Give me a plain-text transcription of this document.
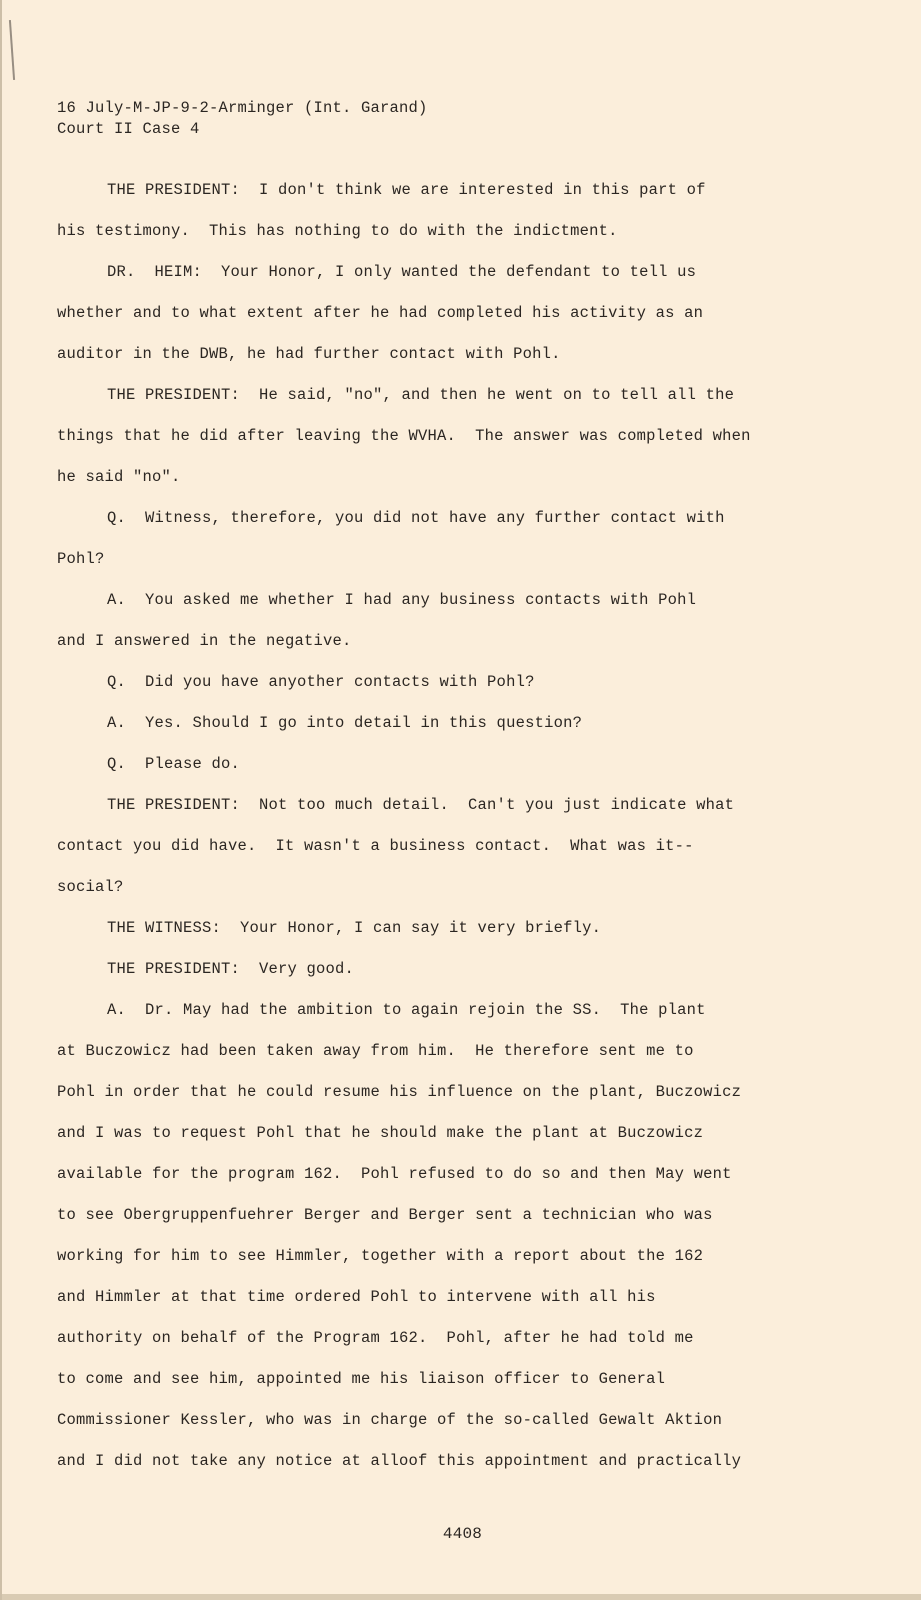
16 July-M-JP-9-2-Arminger (Int. Garand)
Court II Case 4

THE PRESIDENT:  I don't think we are interested in this part of

his testimony.  This has nothing to do with the indictment.

DR.  HEIM:  Your Honor, I only wanted the defendant to tell us

whether and to what extent after he had completed his activity as an

auditor in the DWB, he had further contact with Pohl.

THE PRESIDENT:  He said, "no", and then he went on to tell all the

things that he did after leaving the WVHA.  The answer was completed when

he said "no".

Q.  Witness, therefore, you did not have any further contact with

Pohl?

A.  You asked me whether I had any business contacts with Pohl

and I answered in the negative.

Q.  Did you have anyother contacts with Pohl?

A.  Yes. Should I go into detail in this question?

Q.  Please do.

THE PRESIDENT:  Not too much detail.  Can't you just indicate what

contact you did have.  It wasn't a business contact.  What was it--

social?

THE WITNESS:  Your Honor, I can say it very briefly.

THE PRESIDENT:  Very good.

A.  Dr. May had the ambition to again rejoin the SS.  The plant

at Buczowicz had been taken away from him.  He therefore sent me to

Pohl in order that he could resume his influence on the plant, Buczowicz

and I was to request Pohl that he should make the plant at Buczowicz

available for the program 162.  Pohl refused to do so and then May went

to see Obergruppenfuehrer Berger and Berger sent a technician who was

working for him to see Himmler, together with a report about the 162

and Himmler at that time ordered Pohl to intervene with all his

authority on behalf of the Program 162.  Pohl, after he had told me

to come and see him, appointed me his liaison officer to General

Commissioner Kessler, who was in charge of the so-called Gewalt Aktion

and I did not take any notice at alloof this appointment and practically

4408
